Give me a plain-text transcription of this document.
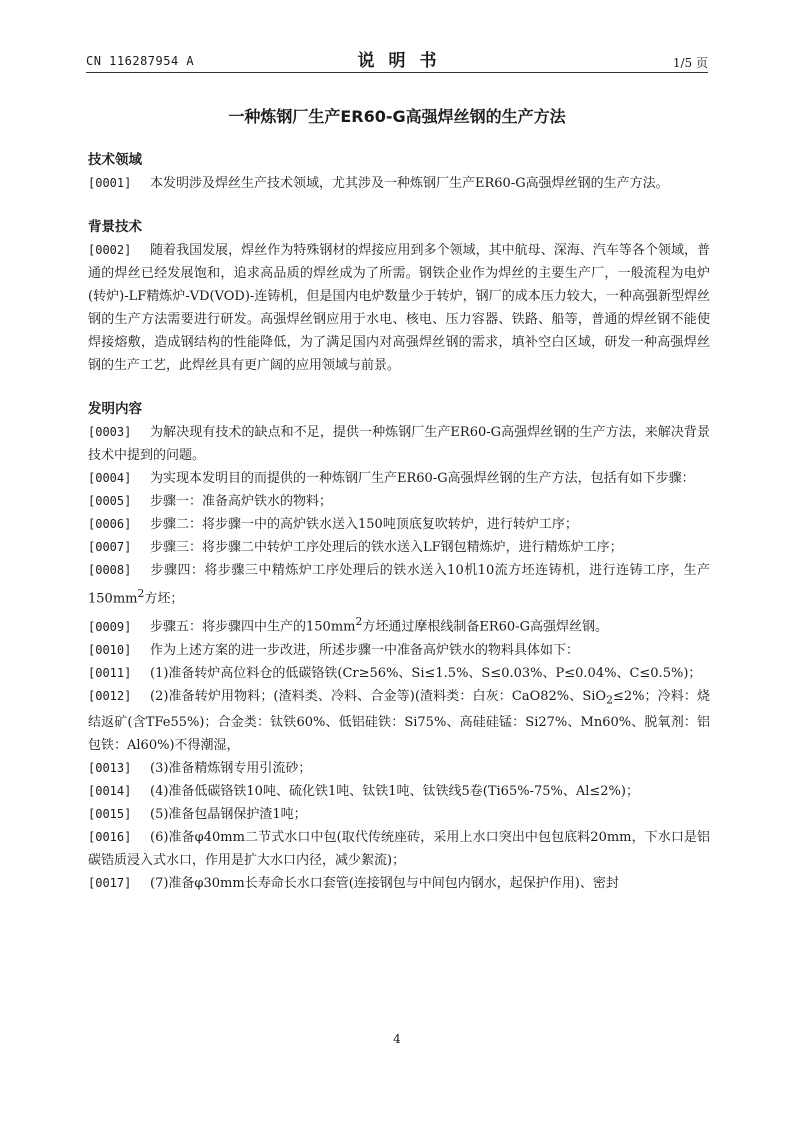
CN 116287954 A	说明书	1/5 页
一种炼钢厂生产ER60-G高强焊丝钢的生产方法

技术领域

[0001] 本发明涉及焊丝生产技术领域，尤其涉及一种炼钢厂生产ER60-G高强焊丝钢的生产方法。

背景技术

[0002] 随着我国发展，焊丝作为特殊钢材的焊接应用到多个领域，其中航母、深海、汽车等各个领域，普通的焊丝已经发展饱和，追求高品质的焊丝成为了所需。钢铁企业作为焊丝的主要生产厂，一般流程为电炉(转炉)-LF精炼炉-VD(VOD)-连铸机，但是国内电炉数量少于转炉，钢厂的成本压力较大，一种高强新型焊丝钢的生产方法需要进行研发。高强焊丝钢应用于水电、核电、压力容器、铁路、船等，普通的焊丝钢不能使焊接熔敷，造成钢结构的性能降低，为了满足国内对高强焊丝钢的需求，填补空白区域，研发一种高强焊丝钢的生产工艺，此焊丝具有更广阔的应用领域与前景。

发明内容

[0003] 为解决现有技术的缺点和不足，提供一种炼钢厂生产ER60-G高强焊丝钢的生产方法，来解决背景技术中提到的问题。

[0004] 为实现本发明目的而提供的一种炼钢厂生产ER60-G高强焊丝钢的生产方法，包括有如下步骤：

[0005] 步骤一：准备高炉铁水的物料；

[0006] 步骤二：将步骤一中的高炉铁水送入150吨顶底复吹转炉，进行转炉工序；

[0007] 步骤三：将步骤二中转炉工序处理后的铁水送入LF钢包精炼炉，进行精炼炉工序；

[0008] 步骤四：将步骤三中精炼炉工序处理后的铁水送入10机10流方坯连铸机，进行连铸工序，生产$150mm^2$方坯；

[0009] 步骤五：将步骤四中生产的$150mm^2$方坯通过摩根线制备ER60-G高强焊丝钢。

[0010] 作为上述方案的进一步改进，所述步骤一中准备高炉铁水的物料具体如下：

[0011] (1)准备转炉高位料仓的低碳铬铁(Cr≥56%、Si≤1.5%、S≤0.03%、P≤0.04%、C≤0.5%)；

[0012] (2)准备转炉用物料；(渣料类、冷料、合金等)(渣料类：白灰：CaO82%、SiO$_2$≤2%；冷料：烧结返矿(含TFe55%)；合金类：钛铁60%、低铝硅铁：Si75%、高硅硅锰：Si27%、Mn60%、脱氧剂：铝包铁：Al60%)不得潮湿，

[0013] (3)准备精炼钢专用引流砂；

[0014] (4)准备低碳铬铁10吨、硫化铁1吨、钛铁1吨、钛铁线5卷(Ti65%-75%、Al≤2%)；

[0015] (5)准备包晶钢保护渣1吨；

[0016] (6)准备φ40mm二节式水口中包(取代传统座砖，采用上水口突出中包包底料20mm，下水口是铝碳锆质浸入式水口，作用是扩大水口内径，减少絮流)；

[0017] (7)准备φ30mm长寿命长水口套管(连接钢包与中间包内钢水，起保护作用)、密封

4
